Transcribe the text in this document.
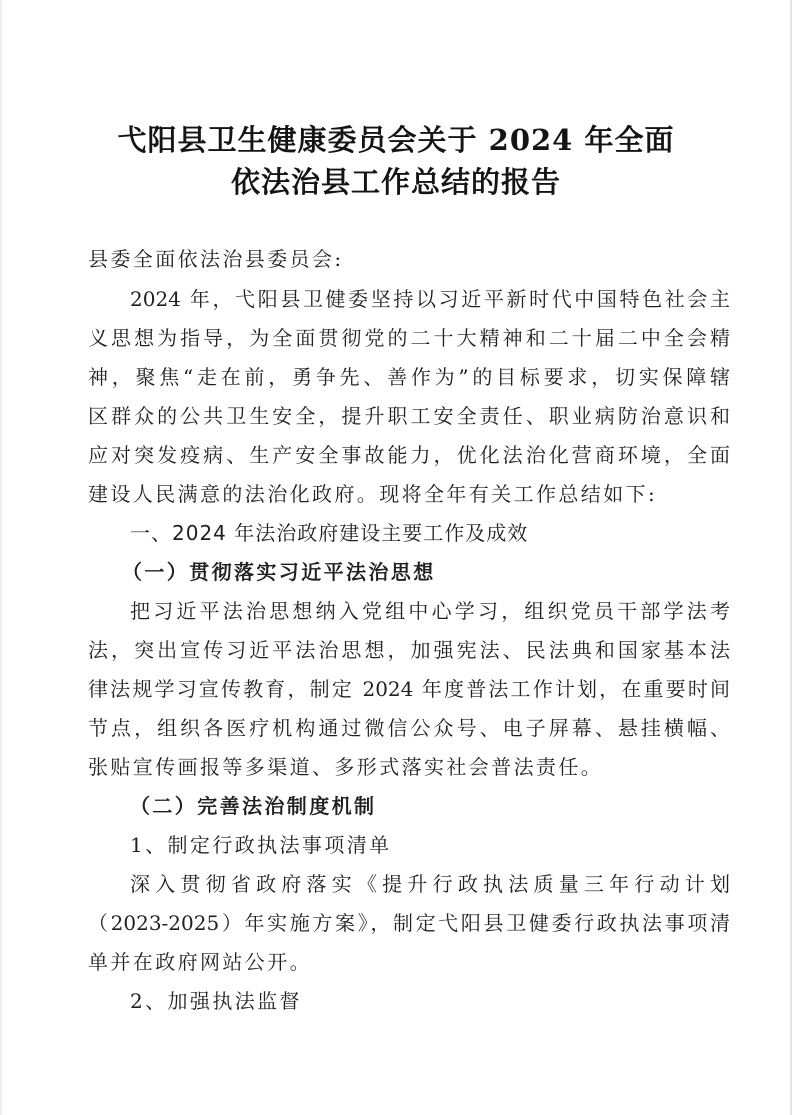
弋阳县卫生健康委员会关于 2024 年全面
依法治县工作总结的报告
县委全面依法治县委员会:
2024 年，弋阳县卫健委坚持以习近平新时代中国特色社会主
义思想为指导，为全面贯彻党的二十大精神和二十届二中全会精
神，聚焦“走在前，勇争先、善作为”的目标要求，切实保障辖
区群众的公共卫生安全，提升职工安全责任、职业病防治意识和
应对突发疫病、生产安全事故能力，优化法治化营商环境，全面
建设人民满意的法治化政府。现将全年有关工作总结如下:
一、2024 年法治政府建设主要工作及成效
（一）贯彻落实习近平法治思想
把习近平法治思想纳入党组中心学习，组织党员干部学法考
法，突出宣传习近平法治思想，加强宪法、民法典和国家基本法
律法规学习宣传教育，制定 2024 年度普法工作计划，在重要时间
节点，组织各医疗机构通过微信公众号、电子屏幕、悬挂横幅、
张贴宣传画报等多渠道、多形式落实社会普法责任。
（二）完善法治制度机制
1、制定行政执法事项清单
深入贯彻省政府落实《提升行政执法质量三年行动计划
（2023-2025）年实施方案》，制定弋阳县卫健委行政执法事项清
单并在政府网站公开。
2、加强执法监督
